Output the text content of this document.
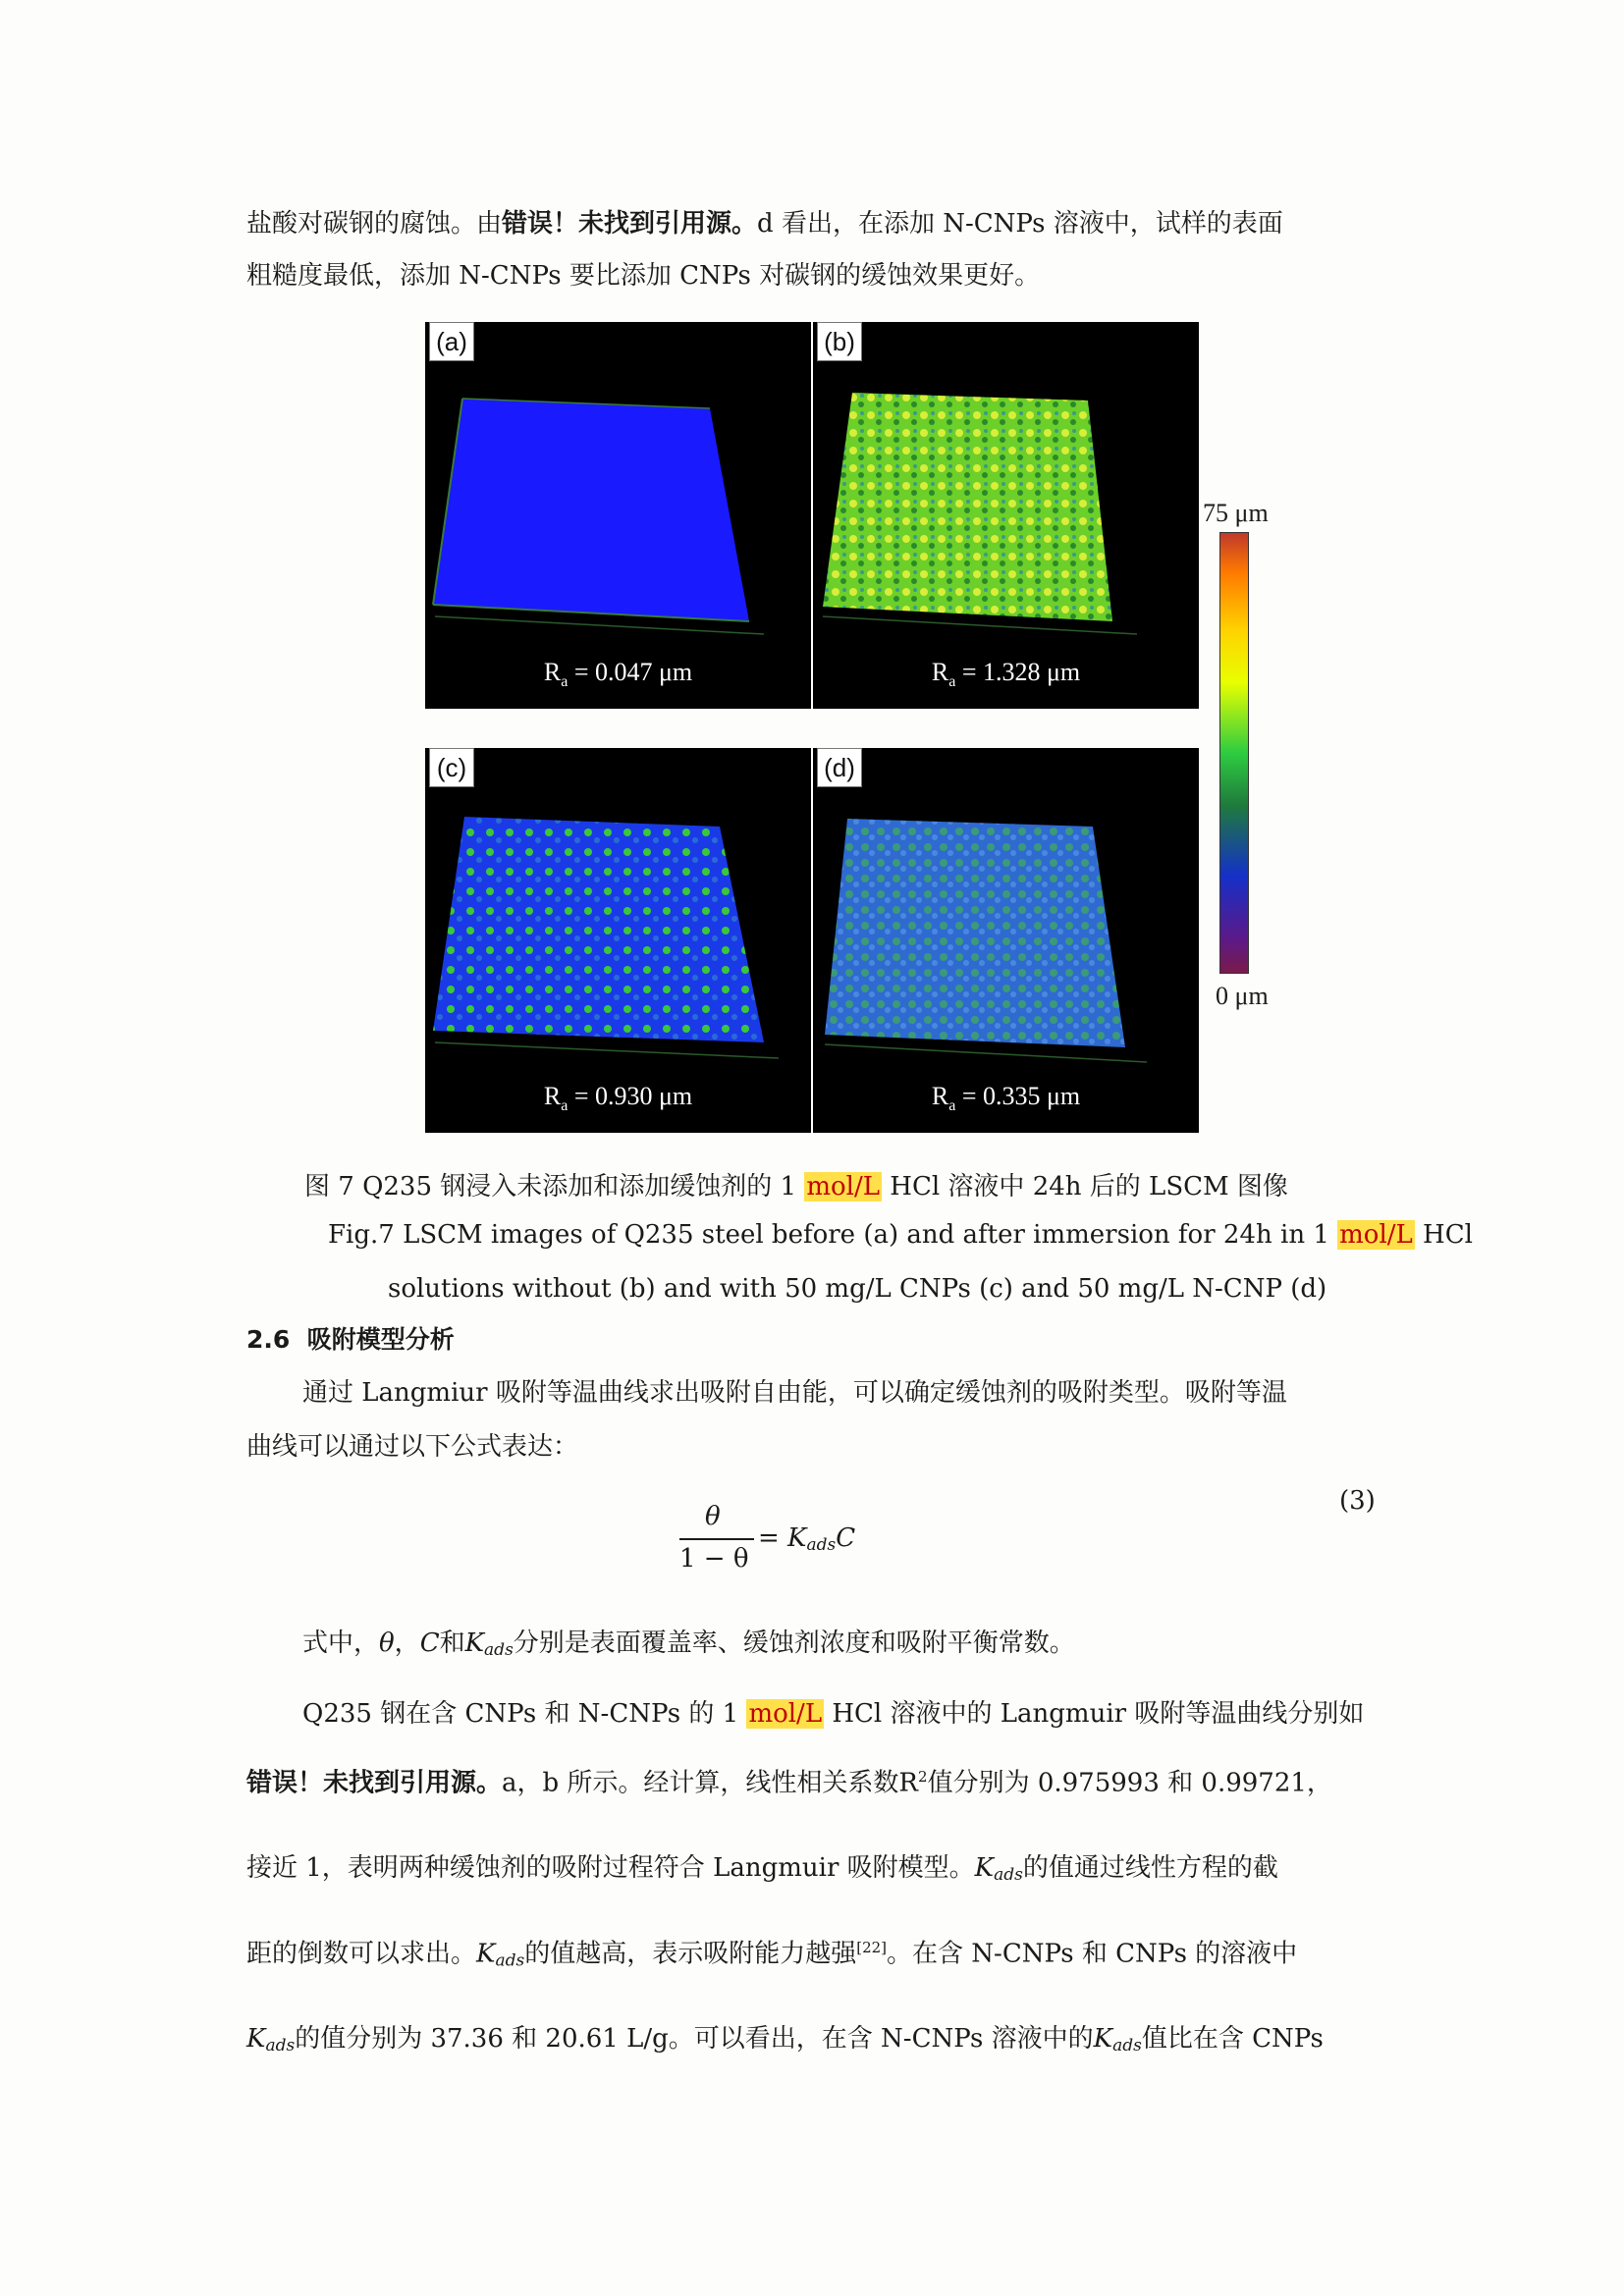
盐酸对碳钢的腐蚀。由错误！未找到引用源。d 看出，在添加 N-CNPs 溶液中，试样的表面
粗糙度最低，添加 N-CNPs 要比添加 CNPs 对碳钢的缓蚀效果更好。
(a)
$R_a = 0.047$ μm
(b)
$R_a = 1.328$ μm
(c)
$R_a = 0.930$ μm
(d)
$R_a = 0.335$ μm
75 μm
0 μm
图 7 Q235 钢浸入未添加和添加缓蚀剂的 1 mol/L HCl 溶液中 24h 后的 LSCM 图像
Fig.7 LSCM images of Q235 steel before (a) and after immersion for 24h in 1 mol/L HCl
solutions without (b) and with 50 mg/L CNPs (c) and 50 mg/L N-CNP (d)
2.6 吸附模型分析
通过 Langmiur 吸附等温曲线求出吸附自由能，可以确定缓蚀剂的吸附类型。吸附等温
曲线可以通过以下公式表达：
θ
1 − θ
= $K_{ads}C$
(3)
式中，θ，C和$K_{ads}$分别是表面覆盖率、缓蚀剂浓度和吸附平衡常数。
Q235 钢在含 CNPs 和 N-CNPs 的 1 mol/L HCl 溶液中的 Langmuir 吸附等温曲线分别如
错误！未找到引用源。a，b 所示。经计算，线性相关系数$R^2$值分别为 0.975993 和 0.99721，
接近 1，表明两种缓蚀剂的吸附过程符合 Langmuir 吸附模型。$K_{ads}$的值通过线性方程的截
距的倒数可以求出。$K_{ads}$的值越高，表示吸附能力越强[22]。在含 N-CNPs 和 CNPs 的溶液中
$K_{ads}$的值分别为 37.36 和 20.61 L/g。可以看出，在含 N-CNPs 溶液中的$K_{ads}$值比在含 CNPs
